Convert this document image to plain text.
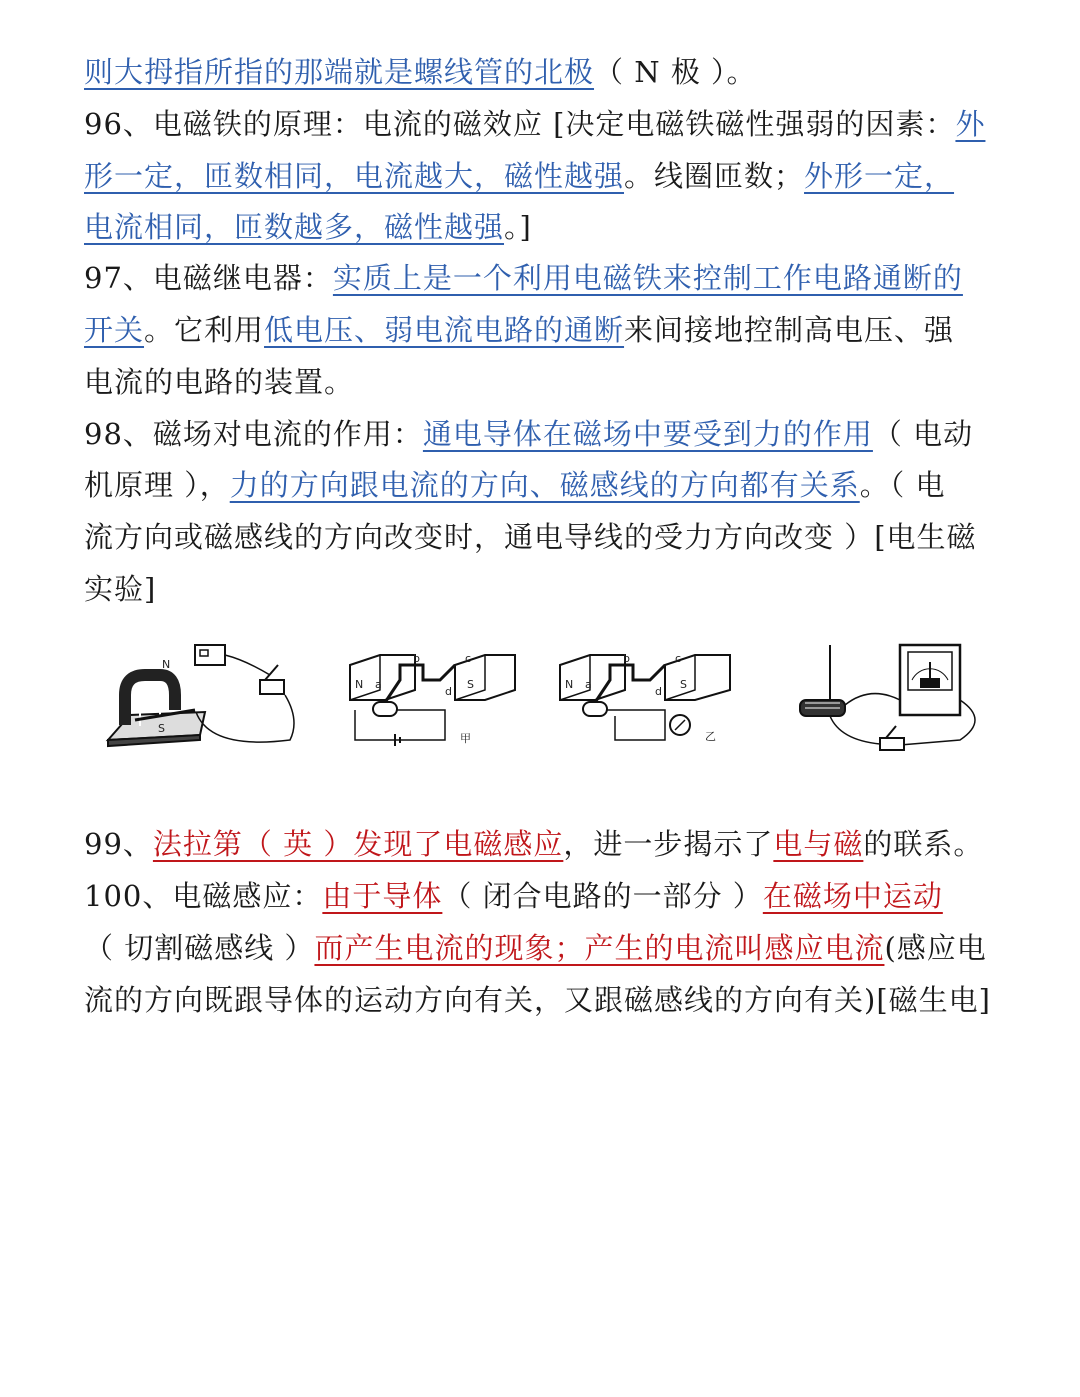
则大拇指所指的那端就是螺线管的北极（ N 极 ）。
96、电磁铁的原理：电流的磁效应 [决定电磁铁磁性强弱的因素：外
形一定，匝数相同，电流越大，磁性越强。线圈匝数；外形一定，
电流相同，匝数越多，磁性越强。]
97、电磁继电器：实质上是一个利用电磁铁来控制工作电路通断的
开关。它利用低电压、弱电流电路的通断来间接地控制高电压、强
电流的电路的装置。
98、磁场对电流的作用：通电导体在磁场中要受到力的作用（ 电动
机原理 ），力的方向跟电流的方向、磁感线的方向都有关系。（ 电
流方向或磁感线的方向改变时，通电导线的受力方向改变 ）[电生磁
实验]
99、法拉第（ 英 ）发现了电磁感应，进一步揭示了电与磁的联系。
100、电磁感应：由于导体（ 闭合电路的一部分 ）在磁场中运动
（ 切割磁感线 ）而产生电流的现象；产生的电流叫感应电流(感应电
流的方向既跟导体的运动方向有关，又跟磁感线的方向有关)[磁生电]
N
S
N	S
a
b	c
d
甲
N	S
a
b	c
d
乙
